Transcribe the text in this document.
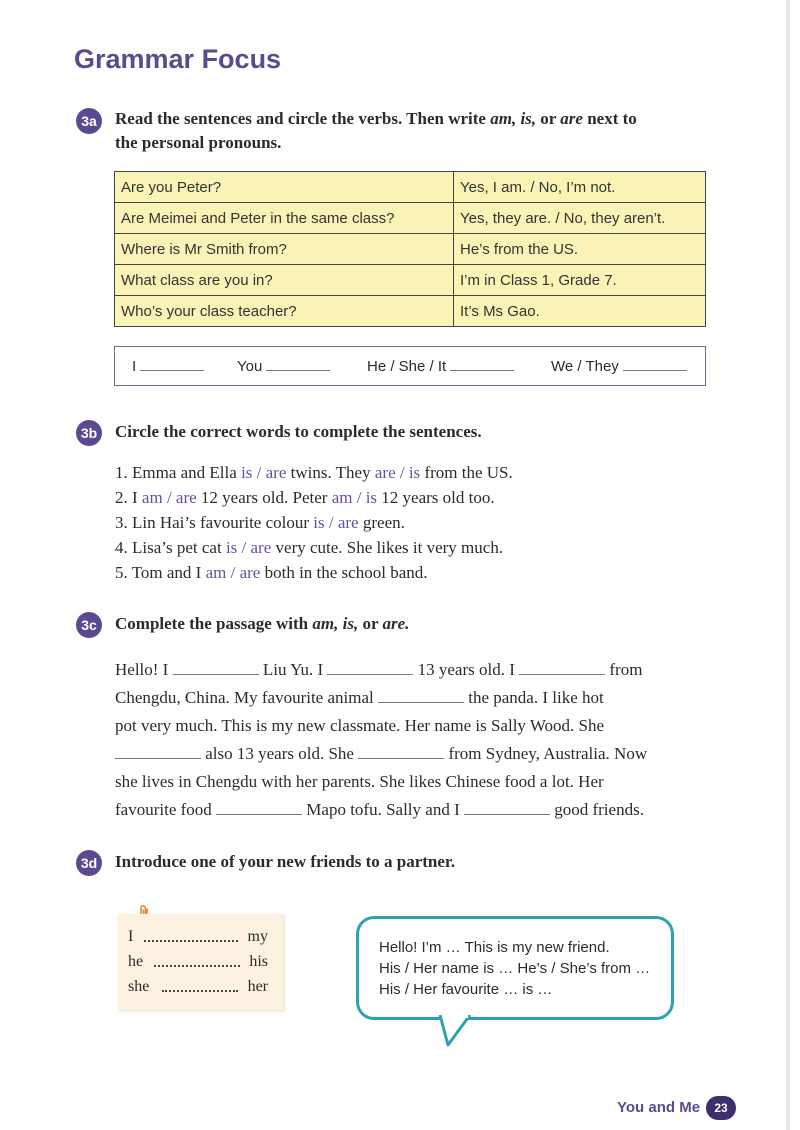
Grammar Focus
3a	Read the sentences and circle the verbs. Then write am, is, or are next to
the personal pronouns.
Are you Peter?	Yes, I am. / No, I’m not.
Are Meimei and Peter in the same class?	Yes, they are. / No, they aren’t.
Where is Mr Smith from?	He’s from the US.
What class are you in?	I’m in Class 1, Grade 7.
Who’s your class teacher?	It’s Ms Gao.
I	You	He / She / It	We / They
3b Circle the correct words to complete the sentences.
1. Emma and Ella is / are twins. They are / is from the US.
2. I am / are 12 years old. Peter am / is 12 years old too.
3. Lin Hai’s favourite colour is / are green.
4. Lisa’s pet cat is / are very cute. She likes it very much.
5. Tom and I am / are both in the school band.
3c	Complete the passage with am, is, or are.
Hello! I	Liu Yu. I	13 years old. I	from
Chengdu, China. My favourite animal	the panda. I like hot
pot very much. This is my new classmate. Her name is Sally Wood. She
also 13 years old. She	from Sydney, Australia. Now
she lives in Chengdu with her parents. She likes Chinese food a lot. Her
favourite food	Mapo tofu. Sally and I	good friends.
3d Introduce one of your new friends to a partner.
I	my
he	his
she	her
Hello! I’m … This is my new friend.
His / Her name is … He’s / She’s from …
His / Her favourite … is …
You and Me	23
